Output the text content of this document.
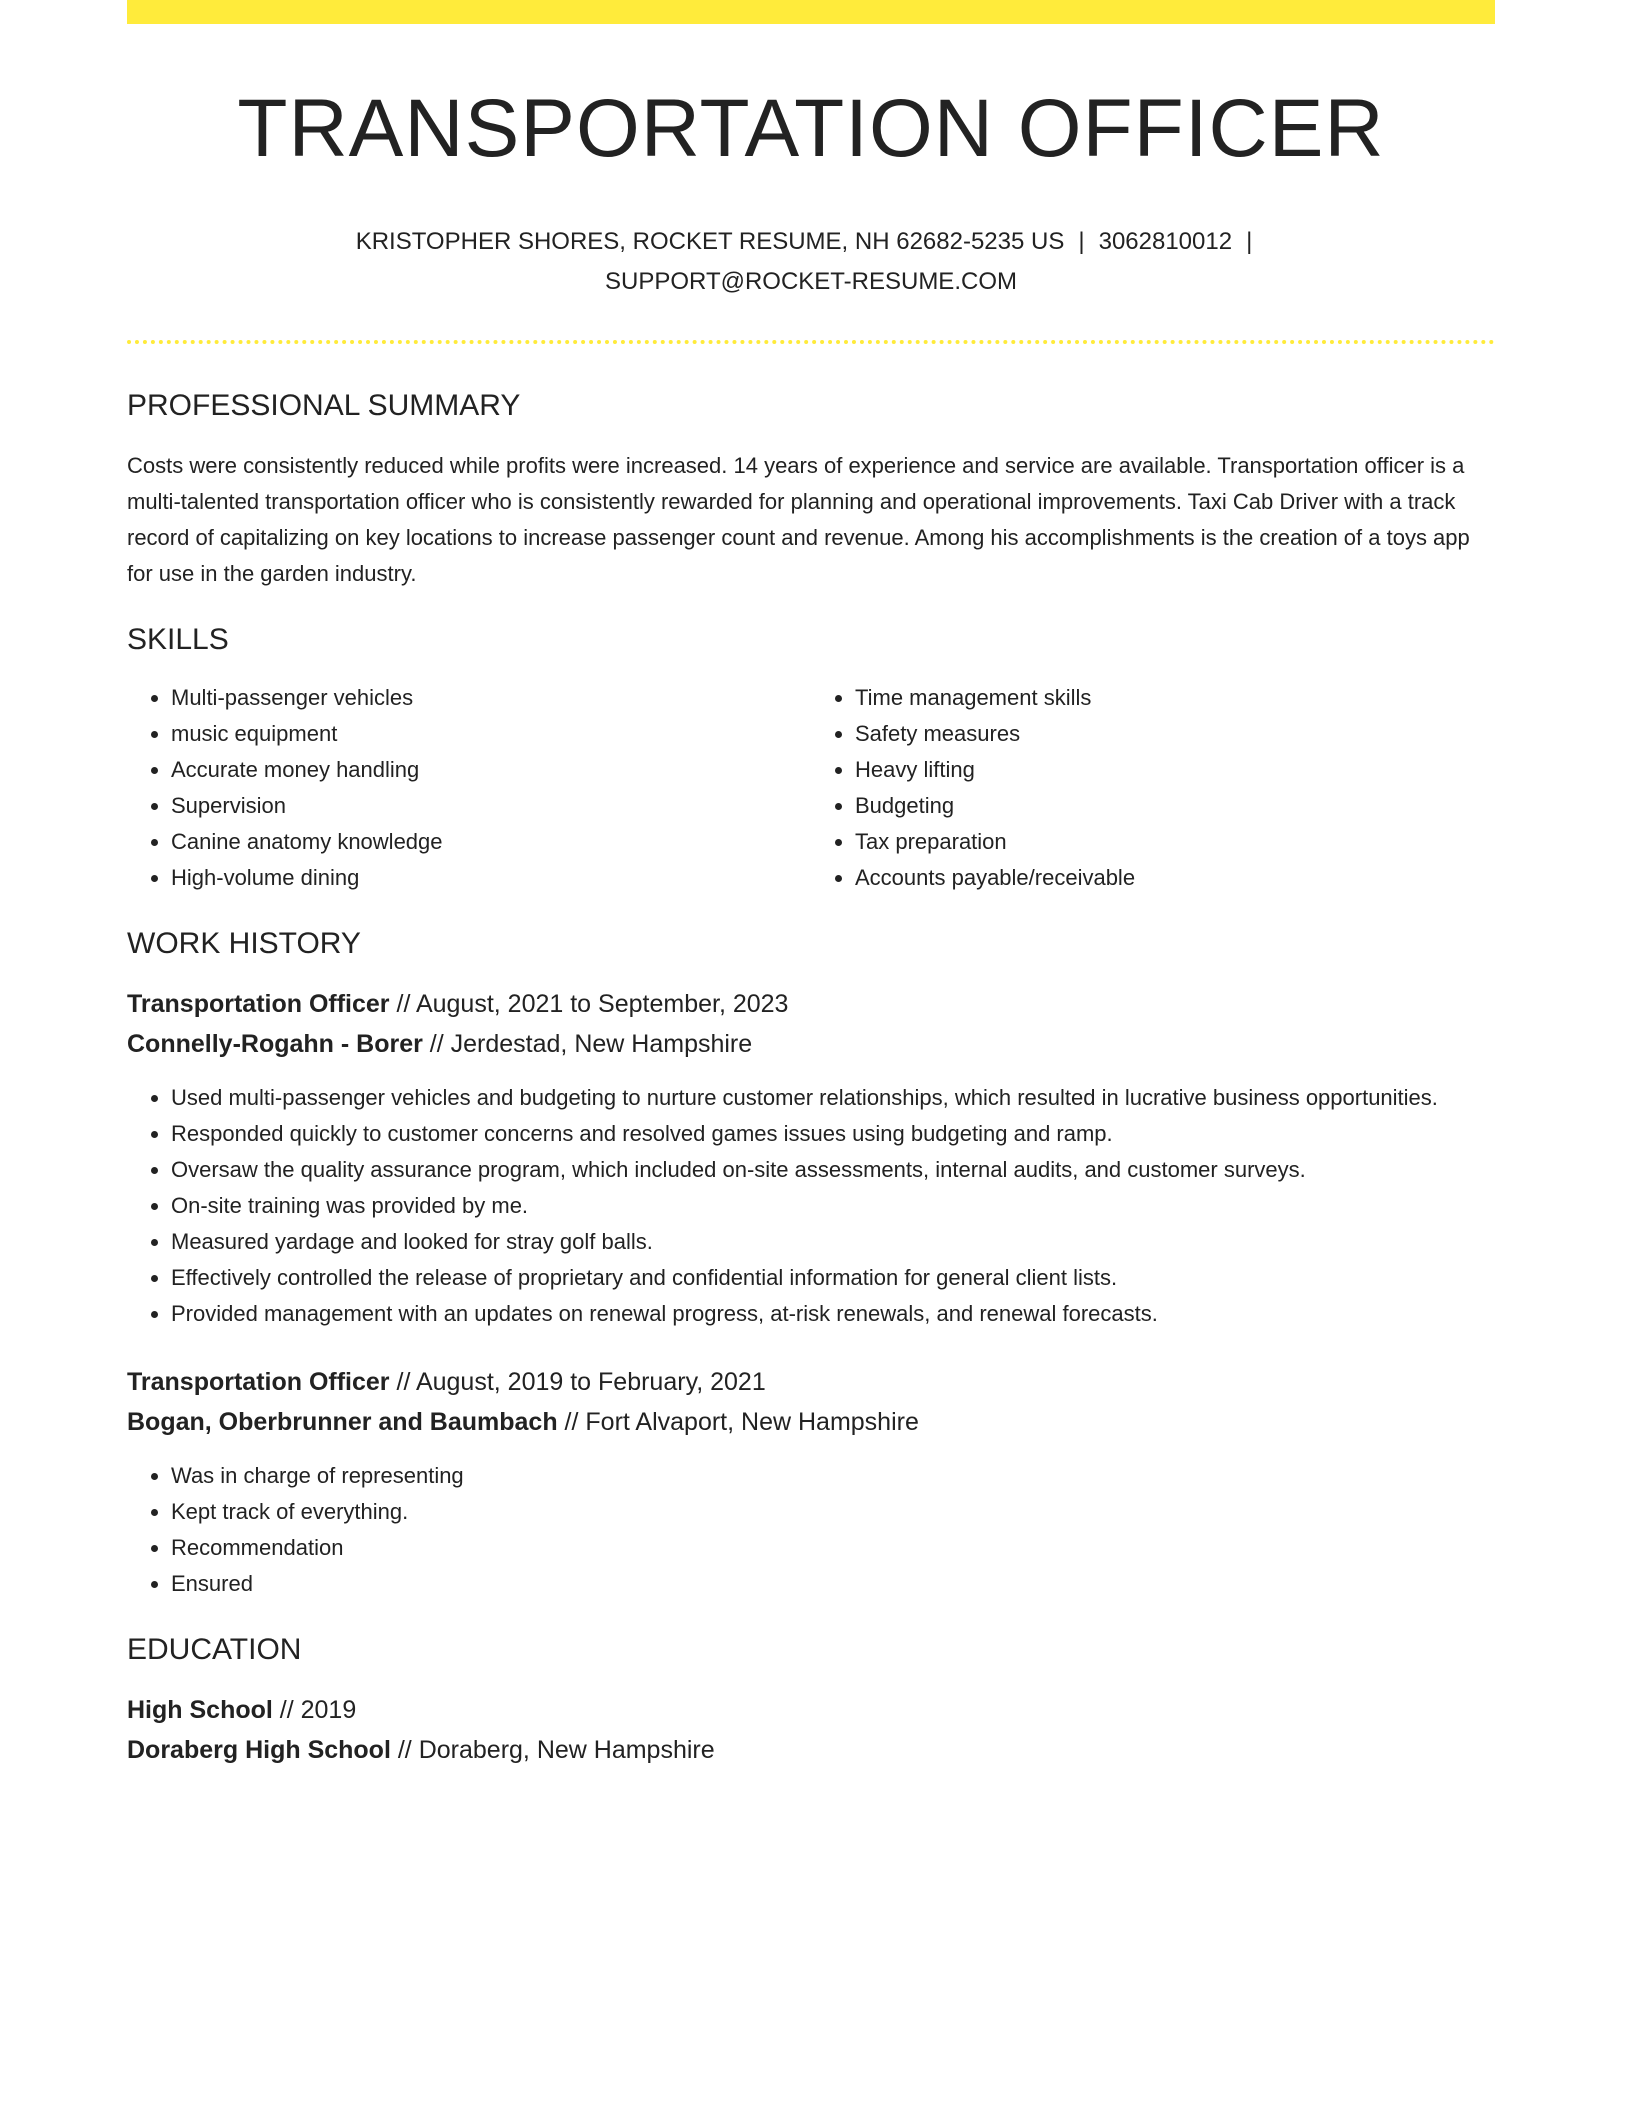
TRANSPORTATION OFFICER
KRISTOPHER SHORES, ROCKET RESUME, NH 62682-5235 US | 3062810012 |
SUPPORT@ROCKET-RESUME.COM
PROFESSIONAL SUMMARY
Costs were consistently reduced while profits were increased. 14 years of experience and service are available. Transportation officer is a multi-talented transportation officer who is consistently rewarded for planning and operational improvements. Taxi Cab Driver with a track record of capitalizing on key locations to increase passenger count and revenue. Among his accomplishments is the creation of a toys app for use in the garden industry.
SKILLS
• Multi-passenger vehicles
• music equipment
• Accurate money handling
• Supervision
• Canine anatomy knowledge
• High-volume dining
• Time management skills
• Safety measures
• Heavy lifting
• Budgeting
• Tax preparation
• Accounts payable/receivable
WORK HISTORY
Transportation Officer // August, 2021 to September, 2023
Connelly-Rogahn - Borer // Jerdestad, New Hampshire
• Used multi-passenger vehicles and budgeting to nurture customer relationships, which resulted in lucrative business opportunities.
• Responded quickly to customer concerns and resolved games issues using budgeting and ramp.
• Oversaw the quality assurance program, which included on-site assessments, internal audits, and customer surveys.
• On-site training was provided by me.
• Measured yardage and looked for stray golf balls.
• Effectively controlled the release of proprietary and confidential information for general client lists.
• Provided management with an updates on renewal progress, at-risk renewals, and renewal forecasts.
Transportation Officer // August, 2019 to February, 2021
Bogan, Oberbrunner and Baumbach // Fort Alvaport, New Hampshire
• Was in charge of representing
• Kept track of everything.
• Recommendation
• Ensured
EDUCATION
High School // 2019
Doraberg High School // Doraberg, New Hampshire
